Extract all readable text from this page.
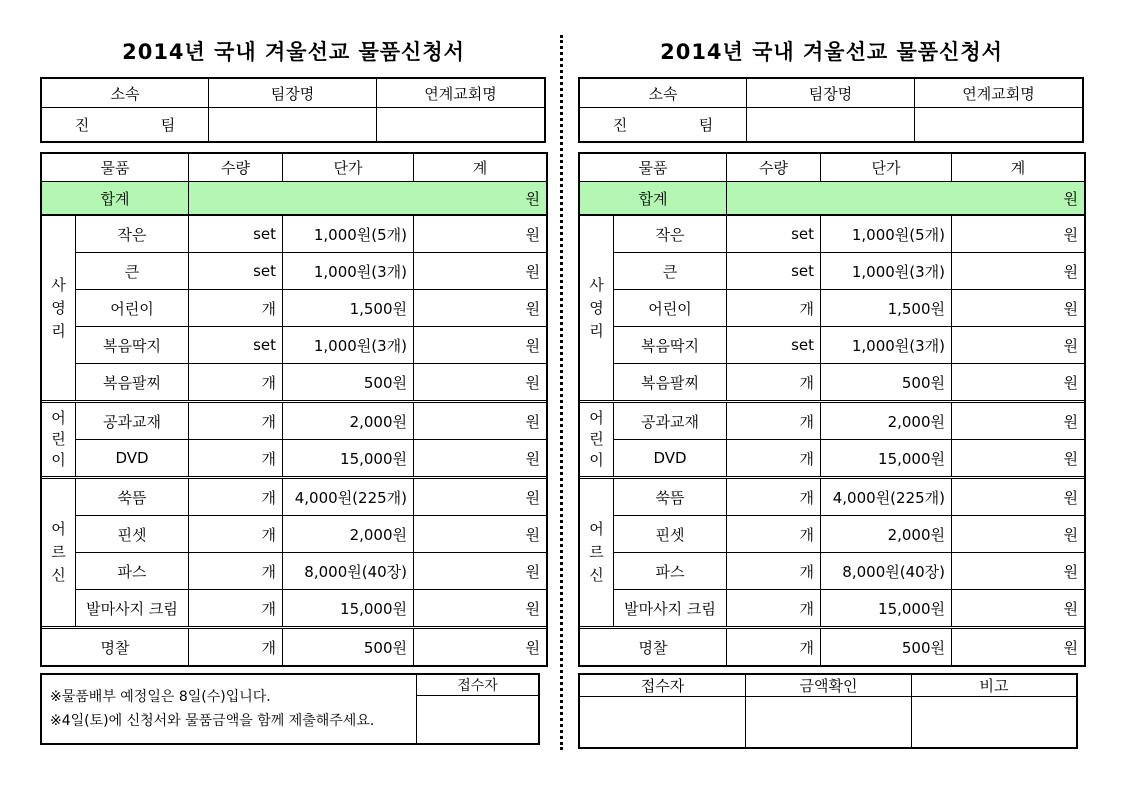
2014년 국내 겨울선교 물품신청서
소속	팀장명	연계교회명
진 팀		
물품		수량	단가	계
합계		원		
사영리	작은	set	1,000원(5개)	원
	큰	set	1,000원(3개)	원
	어린이	개	1,500원	원
	복음딱지	set	1,000원(3개)	원
	복음팔찌	개	500원	원
어린이	공과교재	개	2,000원	원
	DVD	개	15,000원	원
어르신	쑥뜸	개	4,000원(225개)	원
	핀셋	개	2,000원	원
	파스	개	8,000원(40장)	원
	발마사지 크림	개	15,000원	원
명찰		개	500원	원
※물품배부 예정일은 8일(수)입니다.
※4일(토)에 신청서와 물품금액을 함께 제출해주세요.
	접수자

2014년 국내 겨울선교 물품신청서
소속	팀장명	연계교회명
진 팀		
물품		수량	단가	계
합계		원		
사영리	작은	set	1,000원(5개)	원
	큰	set	1,000원(3개)	원
	어린이	개	1,500원	원
	복음딱지	set	1,000원(3개)	원
	복음팔찌	개	500원	원
어린이	공과교재	개	2,000원	원
	DVD	개	15,000원	원
어르신	쑥뜸	개	4,000원(225개)	원
	핀셋	개	2,000원	원
	파스	개	8,000원(40장)	원
	발마사지 크림	개	15,000원	원
명찰		개	500원	원
접수자	금액확인	비고
